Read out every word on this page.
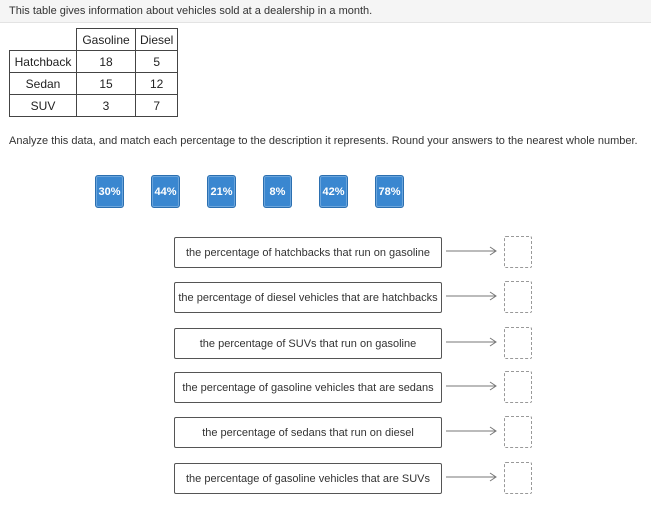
This table gives information about vehicles sold at a dealership in a month.
	Gasoline	Diesel
Hatchback	18	5
Sedan	15	12
SUV	3	7
Analyze this data, and match each percentage to the description it represents. Round your answers to the nearest whole number.
30%	44%	21%	8%	42%	78%
the percentage of hatchbacks that run on gasoline
the percentage of diesel vehicles that are hatchbacks
the percentage of SUVs that run on gasoline
the percentage of gasoline vehicles that are sedans
the percentage of sedans that run on diesel
the percentage of gasoline vehicles that are SUVs
